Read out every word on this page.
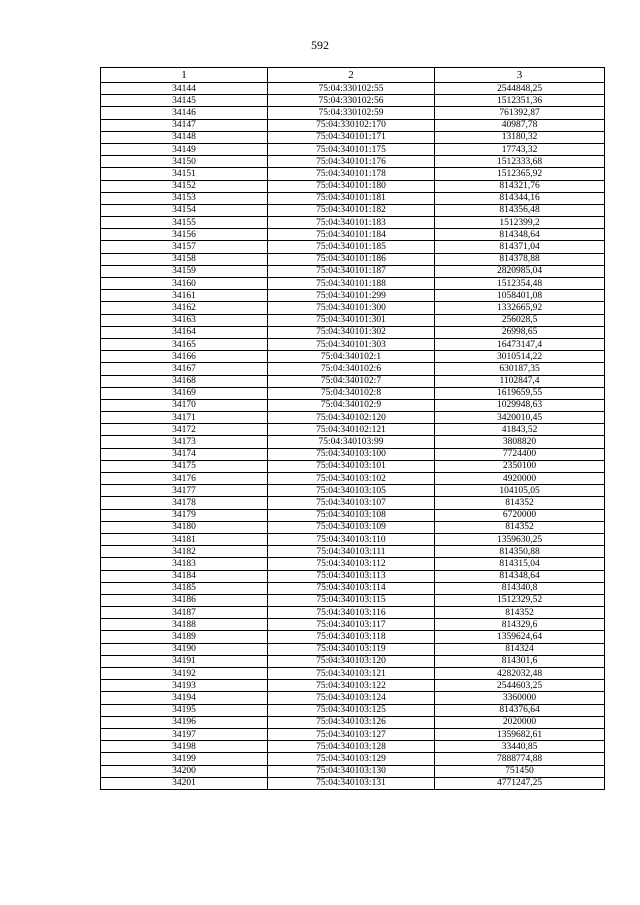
592
1	2	3
34144	75:04:330102:55	2544848,25
34145	75:04:330102:56	1512351,36
34146	75:04:330102:59	761392,87
34147	75:04:330102:170	40987,78
34148	75:04:340101:171	13180,32
34149	75:04:340101:175	17743,32
34150	75:04:340101:176	1512333,68
34151	75:04:340101:178	1512365,92
34152	75:04:340101:180	814321,76
34153	75:04:340101:181	814344,16
34154	75:04:340101:182	814356,48
34155	75:04:340101:183	1512399,2
34156	75:04:340101:184	814348,64
34157	75:04:340101:185	814371,04
34158	75:04:340101:186	814378,88
34159	75:04:340101:187	2820985,04
34160	75:04:340101:188	1512354,48
34161	75:04:340101:299	1058401,08
34162	75:04:340101:300	1332665,92
34163	75:04:340101:301	256028,5
34164	75:04:340101:302	26998,65
34165	75:04:340101:303	16473147,4
34166	75:04:340102:1	3010514,22
34167	75:04:340102:6	630187,35
34168	75:04:340102:7	1102847,4
34169	75:04:340102:8	1619659,55
34170	75:04:340102:9	1029948,63
34171	75:04:340102:120	3420010,45
34172	75:04:340102:121	41843,52
34173	75:04:340103:99	3808820
34174	75:04:340103:100	7724400
34175	75:04:340103:101	2350100
34176	75:04:340103:102	4920000
34177	75:04:340103:105	104105,05
34178	75:04:340103:107	814352
34179	75:04:340103:108	6720000
34180	75:04:340103:109	814352
34181	75:04:340103:110	1359630,25
34182	75:04:340103:111	814350,88
34183	75:04:340103:112	814315,04
34184	75:04:340103:113	814348,64
34185	75:04:340103:114	814340,8
34186	75:04:340103:115	1512329,52
34187	75:04:340103:116	814352
34188	75:04:340103:117	814329,6
34189	75:04:340103:118	1359624,64
34190	75:04:340103:119	814324
34191	75:04:340103:120	814301,6
34192	75:04:340103:121	4282032,48
34193	75:04:340103:122	2544603,25
34194	75:04:340103:124	3360000
34195	75:04:340103:125	814376,64
34196	75:04:340103:126	2020000
34197	75:04:340103:127	1359682,61
34198	75:04:340103:128	33440,85
34199	75:04:340103:129	7888774,88
34200	75:04:340103:130	751450
34201	75:04:340103:131	4771247,25
